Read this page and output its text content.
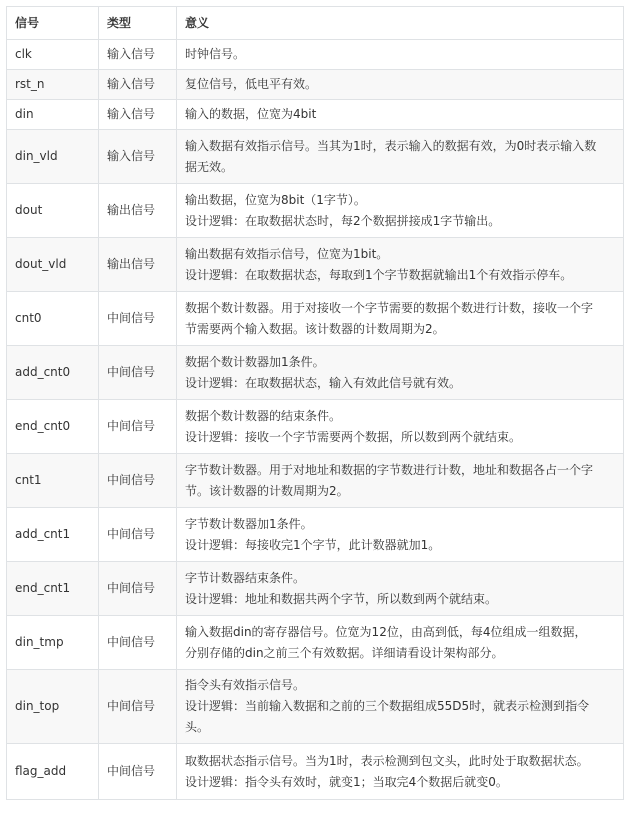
信号	类型	意义
clk	输入信号	时钟信号。

rst_n	输入信号	复位信号，低电平有效。

din	输入信号	输入的数据，位宽为4bit

din_vld	输入信号	输入数据有效指示信号。当其为1时，表示输入的数据有效，为0时表示输入数
据无效。

dout	输出信号	输出数据，位宽为8bit（1字节）。
设计逻辑：在取数据状态时，每2个数据拼接成1字节输出。

dout_vld	输出信号	输出数据有效指示信号，位宽为1bit。
设计逻辑：在取数据状态，每取到1个字节数据就输出1个有效指示停车。

cnt0	中间信号	数据个数计数器。用于对接收一个字节需要的数据个数进行计数，接收一个字
节需要两个输入数据。该计数器的计数周期为2。

add_cnt0	中间信号	数据个数计数器加1条件。
设计逻辑：在取数据状态，输入有效此信号就有效。

end_cnt0	中间信号	数据个数计数器的结束条件。
设计逻辑：接收一个字节需要两个数据，所以数到两个就结束。

cnt1	中间信号	字节数计数器。用于对地址和数据的字节数进行计数，地址和数据各占一个字
节。该计数器的计数周期为2。

add_cnt1	中间信号	字节数计数器加1条件。
设计逻辑：每接收完1个字节，此计数器就加1。

end_cnt1	中间信号	字节计数器结束条件。
设计逻辑：地址和数据共两个字节，所以数到两个就结束。

din_tmp	中间信号	输入数据din的寄存器信号。位宽为12位，由高到低，每4位组成一组数据，
分别存储的din之前三个有效数据。详细请看设计架构部分。

din_top	中间信号	指令头有效指示信号。
设计逻辑：当前输入数据和之前的三个数据组成55D5时，就表示检测到指令
头。

flag_add	中间信号	取数据状态指示信号。当为1时，表示检测到包文头，此时处于取数据状态。
设计逻辑：指令头有效时，就变1；当取完4个数据后就变0。
